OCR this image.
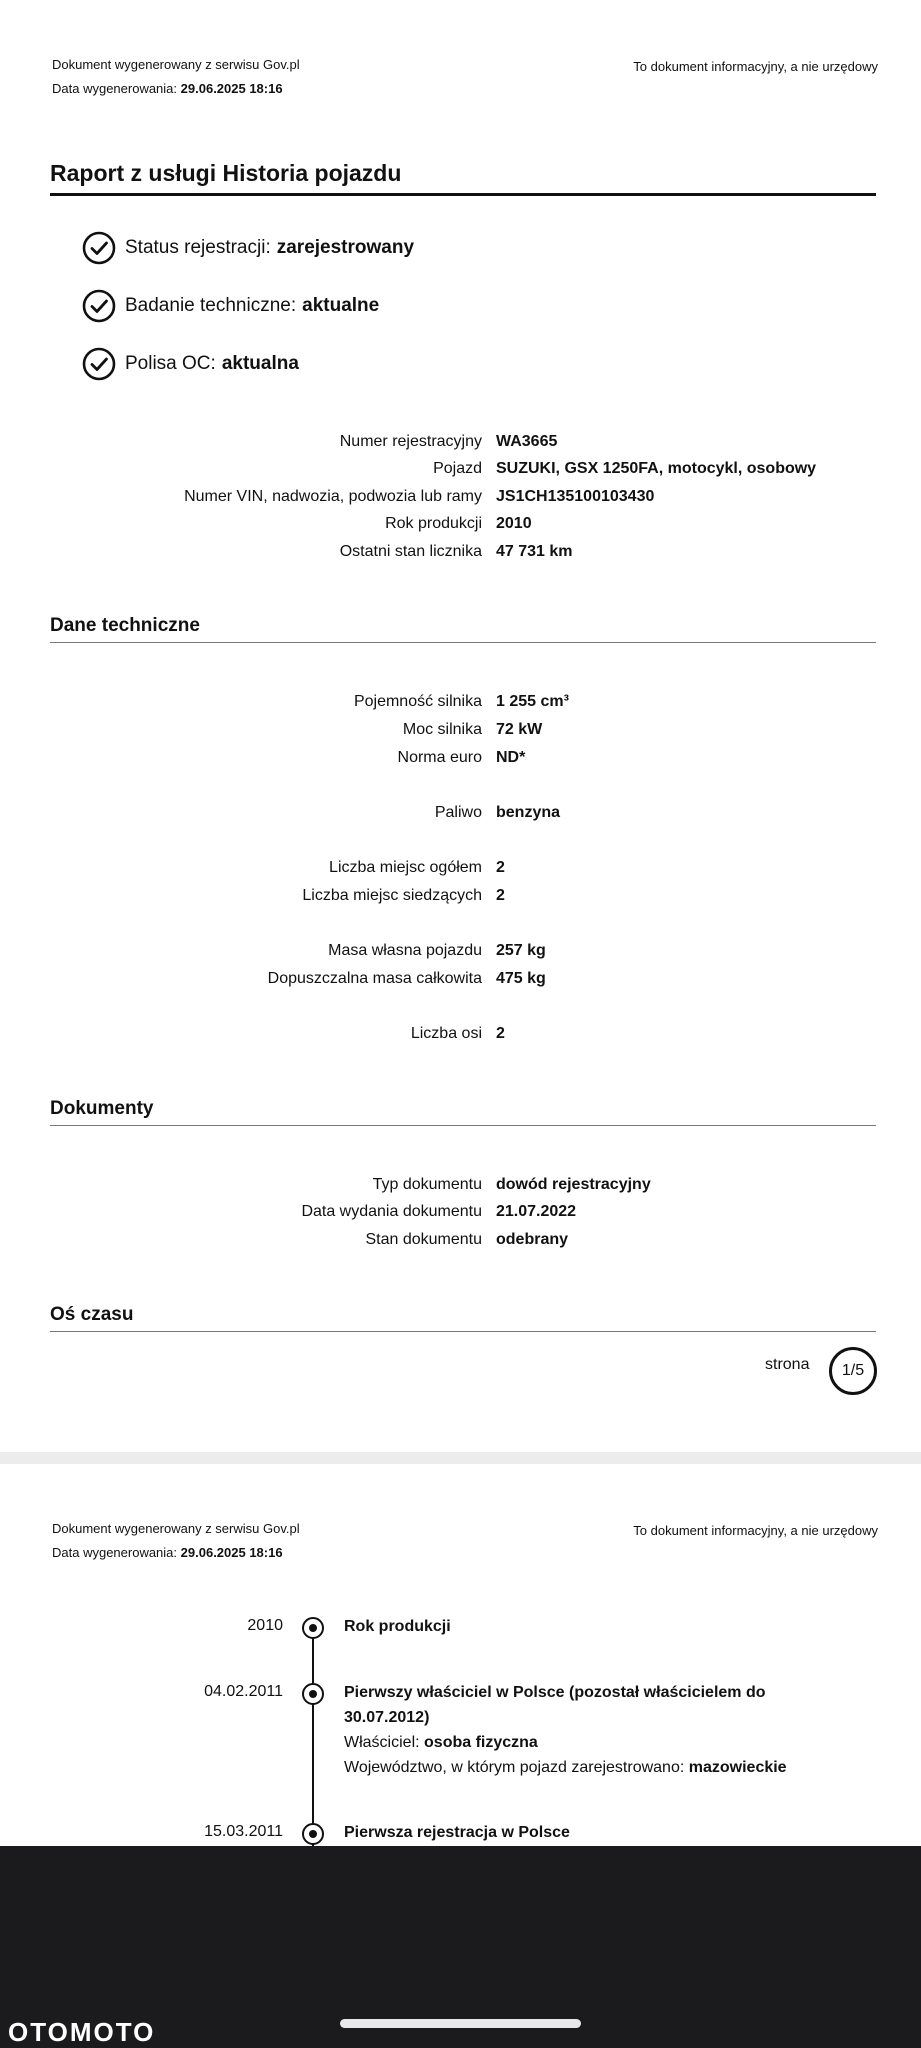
Dokument wygenerowany z serwisu Gov.pl
Data wygenerowania: 29.06.2025 18:16
To dokument informacyjny, a nie urzędowy
Raport z usługi Historia pojazdu
Status rejestracji: zarejestrowany
Badanie techniczne: aktualne
Polisa OC: aktualna
Numer rejestracyjny WA3665
Pojazd SUZUKI, GSX 1250FA, motocykl, osobowy
Numer VIN, nadwozia, podwozia lub ramy JS1CH135100103430
Rok produkcji 2010
Ostatni stan licznika 47 731 km
Dane techniczne
Pojemność silnika 1 255 cm³
Moc silnika 72 kW
Norma euro ND*
Paliwo benzyna
Liczba miejsc ogółem 2
Liczba miejsc siedzących 2
Masa własna pojazdu 257 kg
Dopuszczalna masa całkowita 475 kg
Liczba osi 2
Dokumenty
Typ dokumentu dowód rejestracyjny
Data wydania dokumentu 21.07.2022
Stan dokumentu odebrany
Oś czasu
strona	1/5
Dokument wygenerowany z serwisu Gov.pl
Data wygenerowania: 29.06.2025 18:16
To dokument informacyjny, a nie urzędowy
2010	Rok produkcji
04.02.2011	Pierwszy właściciel w Polsce (pozostał właścicielem do
30.07.2012)
Właściciel: osoba fizyczna
Województwo, w którym pojazd zarejestrowano: mazowieckie
15.03.2011	Pierwsza rejestracja w Polsce
OTOMOTO
